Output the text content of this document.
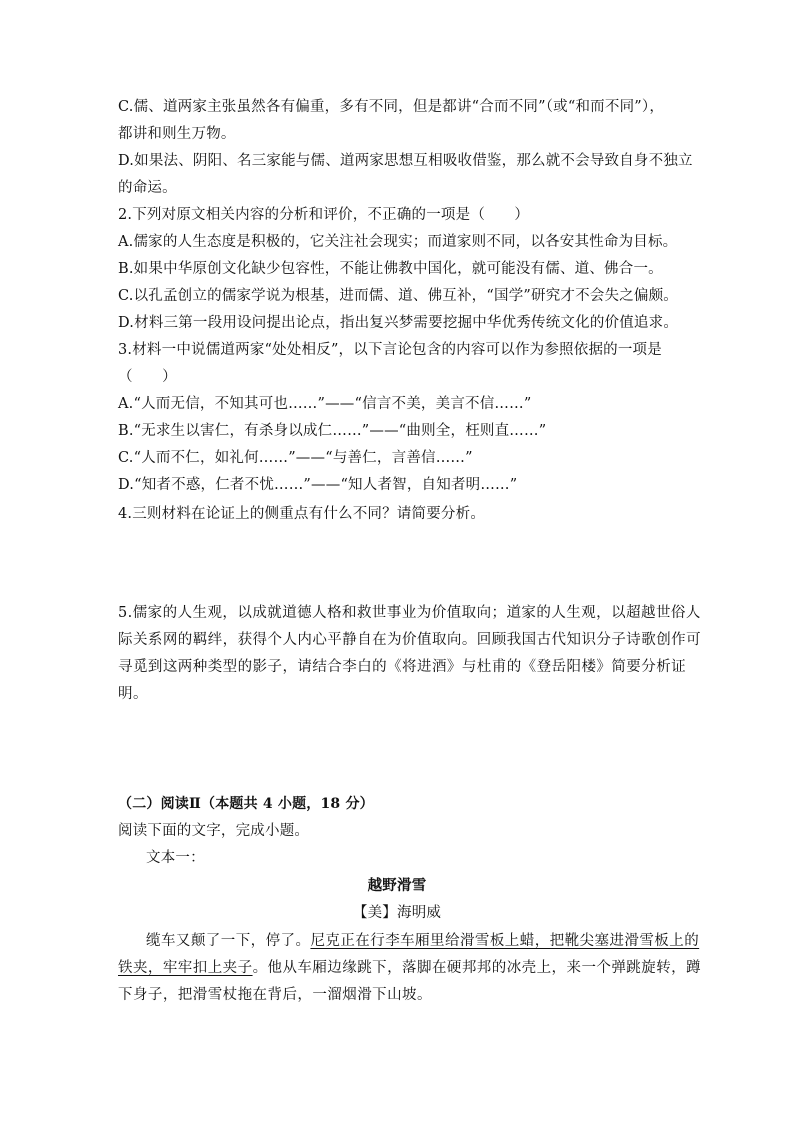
C.儒、道两家主张虽然各有偏重，多有不同，但是都讲“合而不同”（或“和而不同”），
都讲和则生万物。
D.如果法、阴阳、名三家能与儒、道两家思想互相吸收借鉴，那么就不会导致自身不独立
的命运。
2.下列对原文相关内容的分析和评价，不正确的一项是（　　）
A.儒家的人生态度是积极的，它关注社会现实；而道家则不同，以各安其性命为目标。
B.如果中华原创文化缺少包容性，不能让佛教中国化，就可能没有儒、道、佛合一。
C.以孔孟创立的儒家学说为根基，进而儒、道、佛互补，“国学”研究才不会失之偏颇。
D.材料三第一段用设问提出论点，指出复兴梦需要挖掘中华优秀传统文化的价值追求。
3.材料一中说儒道两家“处处相反”，以下言论包含的内容可以作为参照依据的一项是
（　　）
A.“人而无信，不知其可也……”——“信言不美，美言不信……”
B.“无求生以害仁，有杀身以成仁……”——“曲则全，枉则直……”
C.“人而不仁，如礼何……”——“与善仁，言善信……”
D.“知者不惑，仁者不忧……”——“知人者智，自知者明……”
4.三则材料在论证上的侧重点有什么不同？请简要分析。
5.儒家的人生观，以成就道德人格和救世事业为价值取向；道家的人生观，以超越世俗人
际关系网的羁绊，获得个人内心平静自在为价值取向。回顾我国古代知识分子诗歌创作可
寻觅到这两种类型的影子，请结合李白的《将进酒》与杜甫的《登岳阳楼》简要分析证
明。
（二）阅读Ⅱ（本题共 4 小题，18 分）
阅读下面的文字，完成小题。
文本一：
越野滑雪
【美】海明威
缆车又颠了一下，停了。尼克正在行李车厢里给滑雪板上蜡，把靴尖塞进滑雪板上的
铁夹，牢牢扣上夹子。他从车厢边缘跳下，落脚在硬邦邦的冰壳上，来一个弹跳旋转，蹲
下身子，把滑雪杖拖在背后，一溜烟滑下山坡。
